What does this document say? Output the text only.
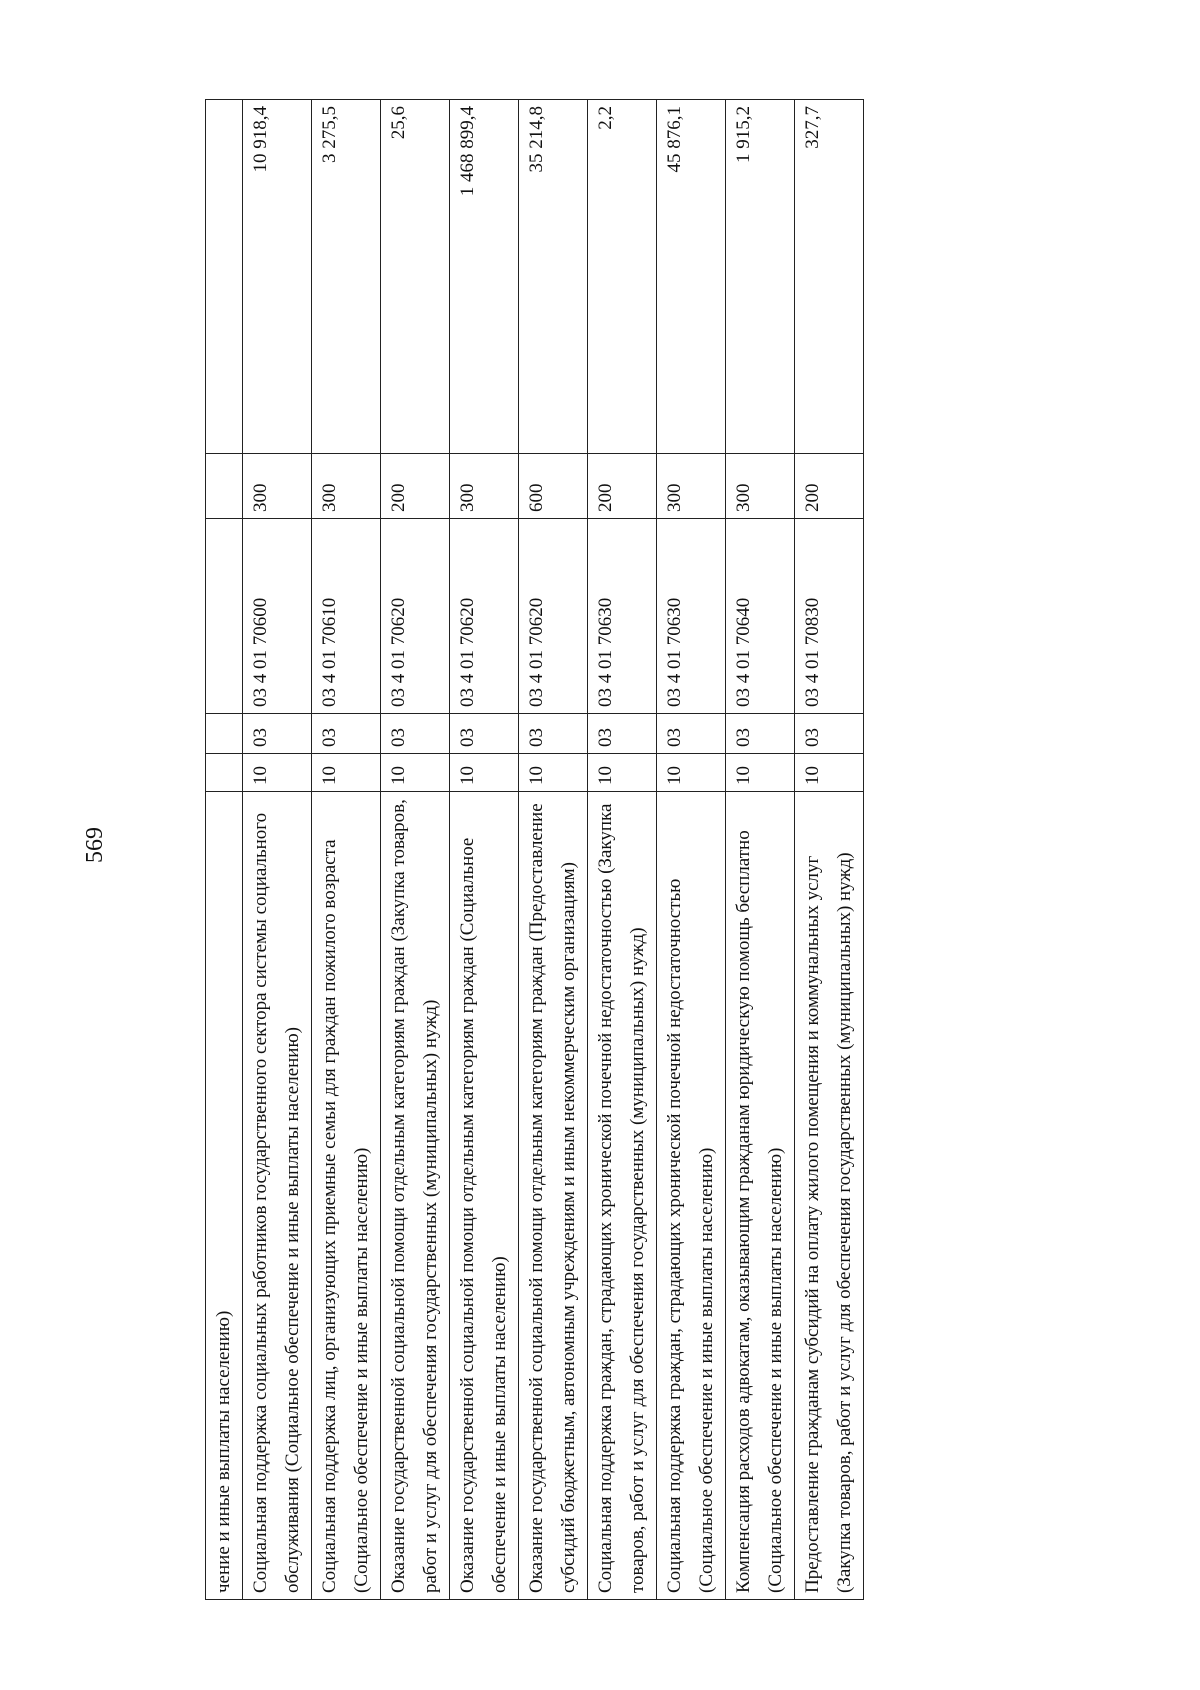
569
чение и иные выплаты населению)					
Социальная поддержка социальных работников государственного сектора системы социального обслуживания (Социальное обеспечение и иные выплаты населению)	10	03	03 4 01 70600	300	10 918,4
Социальная поддержка лиц, организующих приемные семьи для граждан пожилого возраста (Социальное обеспечение и иные выплаты населению)	10	03	03 4 01 70610	300	3 275,5
Оказание государственной социальной помощи отдельным категориям граждан (Закупка товаров, работ и услуг для обеспечения государственных (муниципальных) нужд)	10	03	03 4 01 70620	200	25,6
Оказание государственной социальной помощи отдельным категориям граждан (Социальное обеспечение и иные выплаты населению)	10	03	03 4 01 70620	300	1 468 899,4
Оказание государственной социальной помощи отдельным категориям граждан (Предоставление субсидий бюджетным, автономным учреждениям и иным некоммерческим организациям)	10	03	03 4 01 70620	600	35 214,8
Социальная поддержка граждан, страдающих хронической почечной недостаточностью (Закупка товаров, работ и услуг для обеспечения государственных (муниципальных) нужд)	10	03	03 4 01 70630	200	2,2
Социальная поддержка граждан, страдающих хронической почечной недостаточностью (Социальное обеспечение и иные выплаты населению)	10	03	03 4 01 70630	300	45 876,1
Компенсация расходов адвокатам, оказывающим гражданам юридическую помощь бесплатно (Социальное обеспечение и иные выплаты населению)	10	03	03 4 01 70640	300	1 915,2
Предоставление гражданам субсидий на оплату жилого помещения и коммунальных услуг (Закупка товаров, работ и услуг для обеспечения государственных (муниципальных) нужд)	10	03	03 4 01 70830	200	327,7
